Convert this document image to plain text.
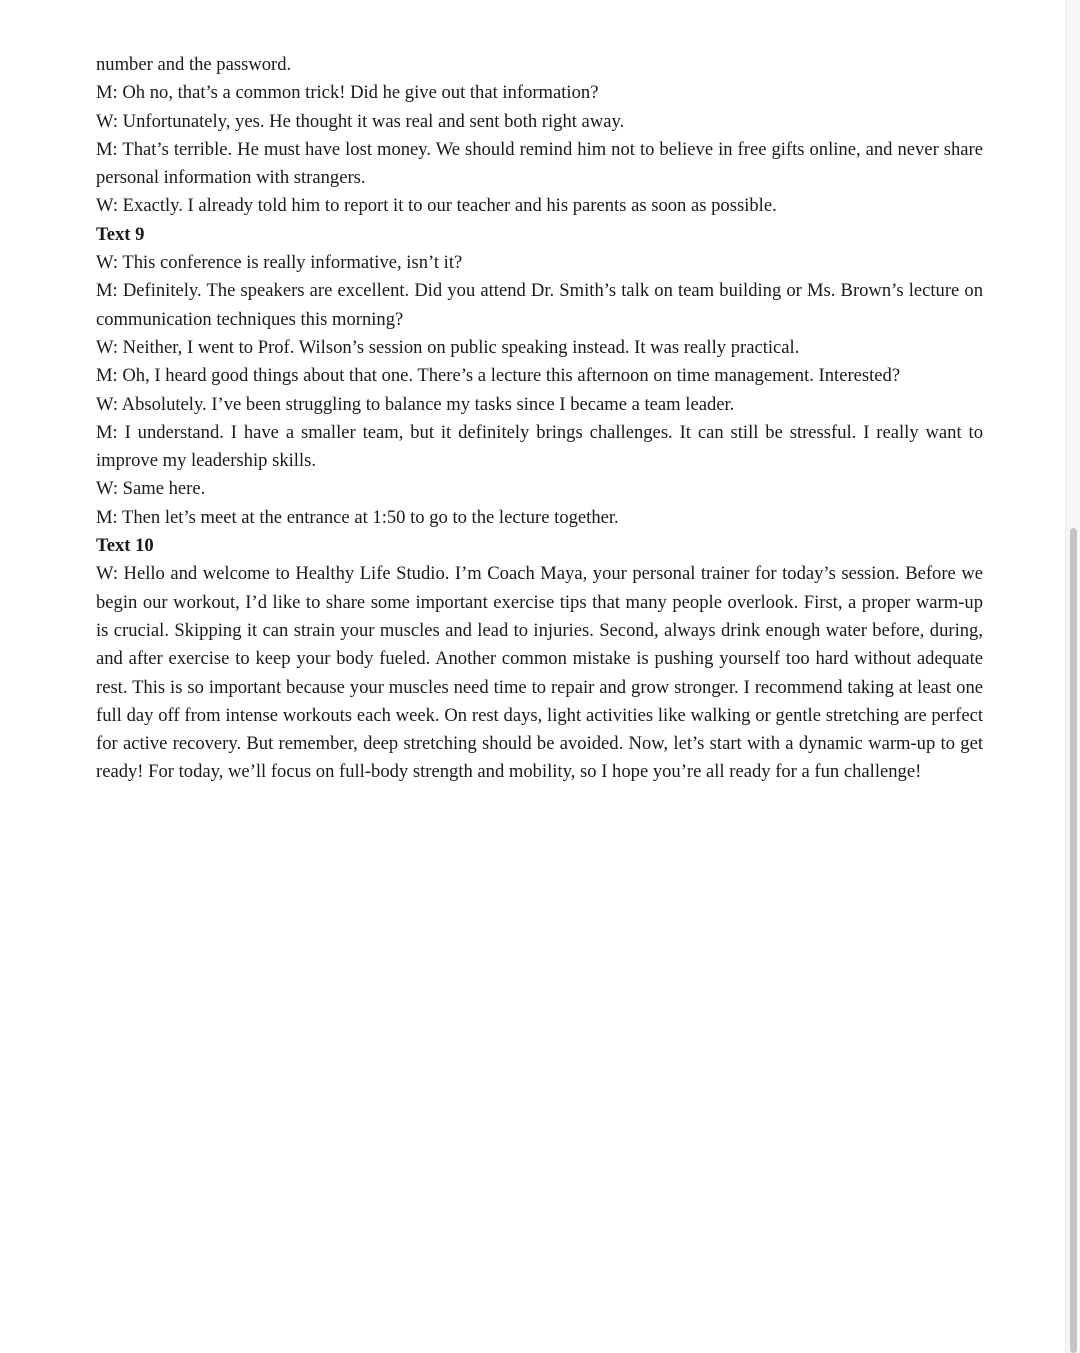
number and the password.

M: Oh no, that’s a common trick! Did he give out that information?

W: Unfortunately, yes. He thought it was real and sent both right away.

M: That’s terrible. He must have lost money. We should remind him not to believe in free gifts online, and never share personal information with strangers.

W: Exactly. I already told him to report it to our teacher and his parents as soon as possible.

Text 9

W: This conference is really informative, isn’t it?

M: Definitely. The speakers are excellent. Did you attend Dr. Smith’s talk on team building or Ms. Brown’s lecture on communication techniques this morning?

W: Neither, I went to Prof. Wilson’s session on public speaking instead. It was really practical.

M: Oh, I heard good things about that one. There’s a lecture this afternoon on time management. Interested?

W: Absolutely. I’ve been struggling to balance my tasks since I became a team leader.

M: I understand. I have a smaller team, but it definitely brings challenges. It can still be stressful. I really want to improve my leadership skills.

W: Same here.

M: Then let’s meet at the entrance at 1:50 to go to the lecture together.

Text 10

W: Hello and welcome to Healthy Life Studio. I’m Coach Maya, your personal trainer for today’s session. Before we begin our workout, I’d like to share some important exercise tips that many people overlook. First, a proper warm-up is crucial. Skipping it can strain your muscles and lead to injuries. Second, always drink enough water before, during, and after exercise to keep your body fueled. Another common mistake is pushing yourself too hard without adequate rest. This is so important because your muscles need time to repair and grow stronger. I recommend taking at least one full day off from intense workouts each week. On rest days, light activities like walking or gentle stretching are perfect for active recovery. But remember, deep stretching should be avoided. Now, let’s start with a dynamic warm-up to get ready! For today, we’ll focus on full-body strength and mobility, so I hope you’re all ready for a fun challenge!
